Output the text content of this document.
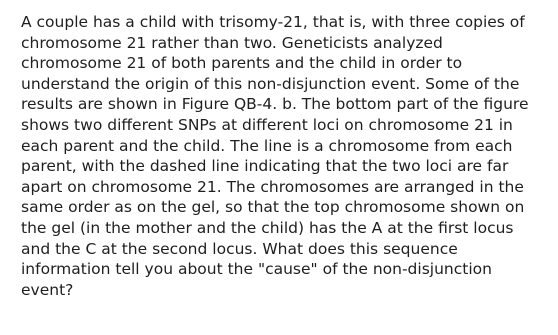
A couple has a child with trisomy-21, that is, with three copies of chromosome 21 rather than two. Geneticists analyzed chromosome 21 of both parents and the child in order to understand the origin of this non-disjunction event. Some of the results are shown in Figure QB-4. b. The bottom part of the figure shows two different SNPs at different loci on chromosome 21 in each parent and the child. The line is a chromosome from each parent, with the dashed line indicating that the two loci are far apart on chromosome 21. The chromosomes are arranged in the same order as on the gel, so that the top chromosome shown on the gel (in the mother and the child) has the A at the first locus and the C at the second locus. What does this sequence information tell you about the "cause" of the non-disjunction event?
